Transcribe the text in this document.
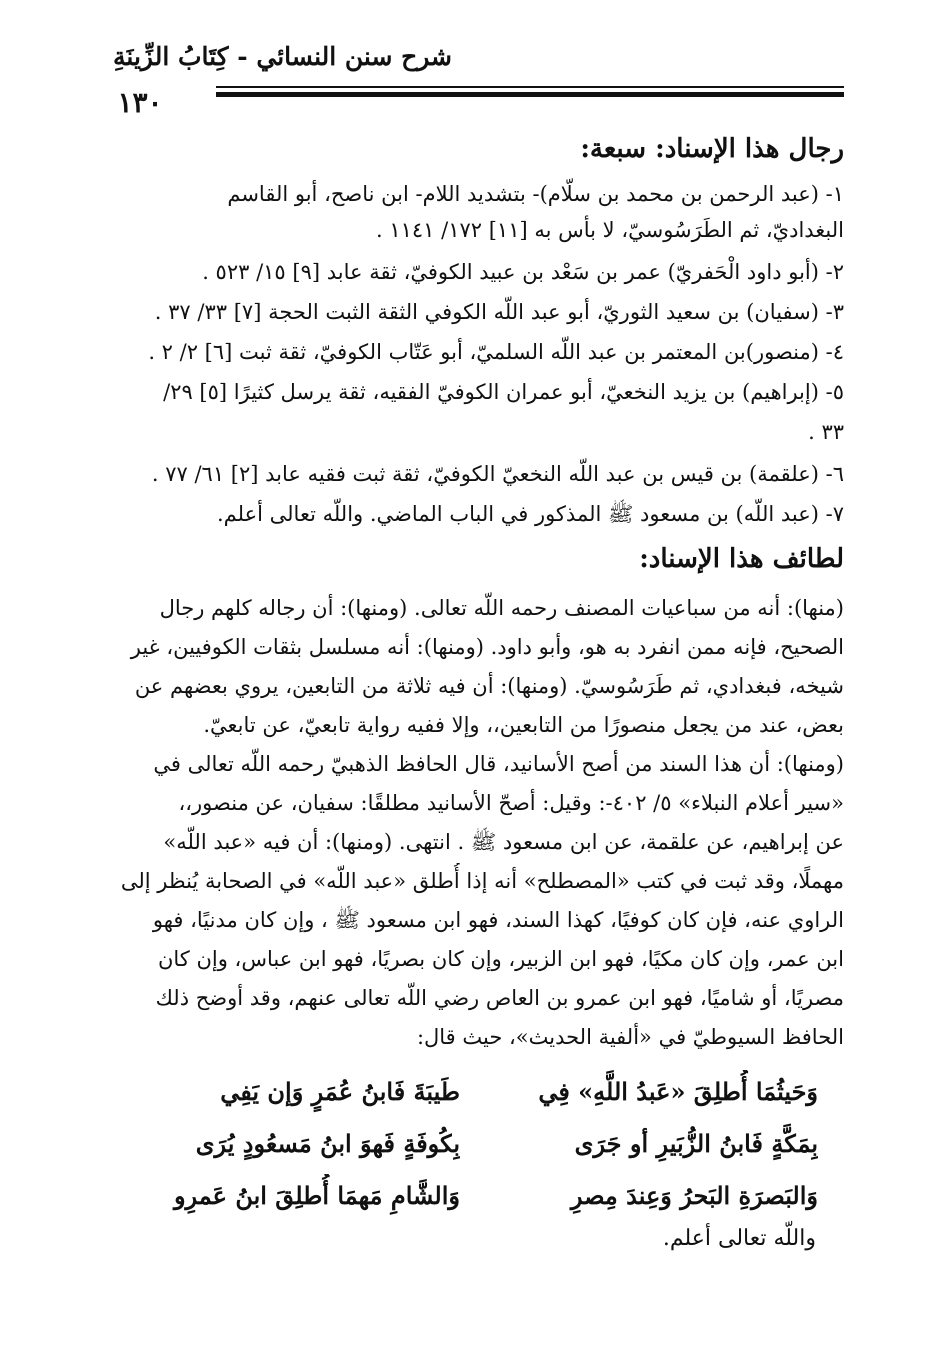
شرح سنن النسائي - كِتَابُ الزِّينَةِ
١٣٠
رجال هذا الإسناد: سبعة:
١- (عبد الرحمن بن محمد بن سلّام)- بتشديد اللام- ابن ناصح، أبو القاسم
البغداديّ، ثم الطَرَسُوسيّ، لا بأس به [١١] ١٧٢/ ١١٤١ .
٢- (أبو داود الْحَفريّ) عمر بن سَعْد بن عبيد الكوفيّ، ثقة عابد [٩] ١٥/ ٥٢٣ .
٣- (سفيان) بن سعيد الثوريّ، أبو عبد اللّه الكوفي الثقة الثبت الحجة [٧] ٣٣/ ٣٧ .
٤- (منصور)بن المعتمر بن عبد اللّه السلميّ، أبو عَتّاب الكوفيّ، ثقة ثبت [٦] ٢/ ٢ .
٥- (إبراهيم) بن يزيد النخعيّ، أبو عمران الكوفيّ الفقيه، ثقة يرسل كثيرًا [٥] ٢٩/
٣٣ .
٦- (علقمة) بن قيس بن عبد اللّه النخعيّ الكوفيّ، ثقة ثبت فقيه عابد [٢] ٦١/ ٧٧ .
٧- (عبد اللّه) بن مسعود ﷺ المذكور في الباب الماضي. واللّه تعالى أعلم.
لطائف هذا الإسناد:
(منها): أنه من سباعيات المصنف رحمه اللّه تعالى. (ومنها): أن رجاله كلهم رجال
الصحيح، فإنه ممن انفرد به هو، وأبو داود. (ومنها): أنه مسلسل بثقات الكوفيين، غير
شيخه، فبغدادي، ثم طَرَسُوسيّ. (ومنها): أن فيه ثلاثة من التابعين، يروي بعضهم عن
بعض، عند من يجعل منصورًا من التابعين،، وإلا ففيه رواية تابعيّ، عن تابعيّ.
(ومنها): أن هذا السند من أصح الأسانيد، قال الحافظ الذهبيّ رحمه اللّه تعالى في
«سير أعلام النبلاء» ٥/ ٤٠٢-: وقيل: أصحّ الأسانيد مطلقًا: سفيان، عن منصور،،
عن إبراهيم، عن علقمة، عن ابن مسعود ﷺ . انتهى. (ومنها): أن فيه «عبد اللّه»
مهملًا، وقد ثبت في كتب «المصطلح» أنه إذا أُطلق «عبد اللّه» في الصحابة يُنظر إلى
الراوي عنه، فإن كان كوفيًا، كهذا السند، فهو ابن مسعود ﷺ ، وإن كان مدنيًا، فهو
ابن عمر، وإن كان مكيًا، فهو ابن الزبير، وإن كان بصريًا، فهو ابن عباس، وإن كان
مصريًا، أو شاميًا، فهو ابن عمرو بن العاص رضي اللّه تعالى عنهم، وقد أوضح ذلك
الحافظ السيوطيّ في «ألفية الحديث»، حيث قال:
وَحَيثُمَا أُطلِقَ «عَبدُ اللَّهِ» فِي
طَيبَةَ فَابنُ عُمَرٍ وَإن يَفِي
بِمَكَّةٍ فَابنُ الزُّبَيرِ أو جَرَى
بِكُوفَةٍ فَهوَ ابنُ مَسعُودٍ يُرَى
وَالبَصرَةِ البَحرُ وَعِندَ مِصرِ
وَالشَّامِ مَهمَا أُطلِقَ ابنُ عَمرِو
واللّه تعالى أعلم.
